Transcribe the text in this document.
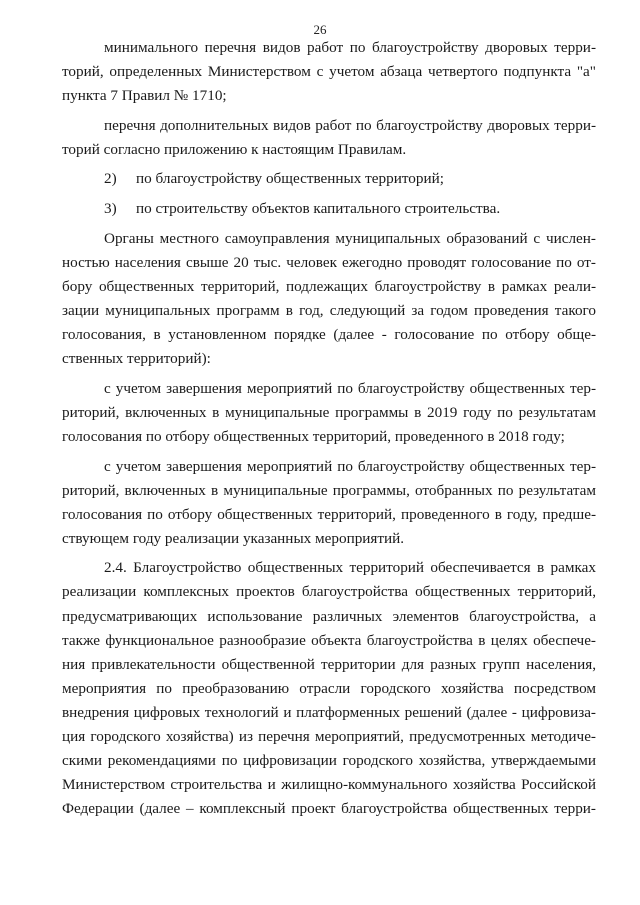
26
минимального перечня видов работ по благоустройству дворовых терри-
торий, определенных Министерством с учетом абзаца четвертого подпункта "а"
пункта 7 Правил № 1710;
перечня дополнительных видов работ по благоустройству дворовых терри-
торий согласно приложению к настоящим Правилам.
2) по благоустройству общественных территорий;
3) по строительству объектов капитального строительства.
Органы местного самоуправления муниципальных образований с числен-
ностью населения свыше 20 тыс. человек ежегодно проводят голосование по от-
бору общественных территорий, подлежащих благоустройству в рамках реали-
зации муниципальных программ в год, следующий за годом проведения такого
голосования, в установленном порядке (далее - голосование по отбору обще-
ственных территорий):
с учетом завершения мероприятий по благоустройству общественных тер-
риторий, включенных в муниципальные программы в 2019 году по результатам
голосования по отбору общественных территорий, проведенного в 2018 году;
с учетом завершения мероприятий по благоустройству общественных тер-
риторий, включенных в муниципальные программы, отобранных по результатам
голосования по отбору общественных территорий, проведенного в году, предше-
ствующем году реализации указанных мероприятий.
2.4. Благоустройство общественных территорий обеспечивается в рамках
реализации комплексных проектов благоустройства общественных территорий,
предусматривающих использование различных элементов благоустройства, а
также функциональное разнообразие объекта благоустройства в целях обеспече-
ния привлекательности общественной территории для разных групп населения,
мероприятия по преобразованию отрасли городского хозяйства посредством
внедрения цифровых технологий и платформенных решений (далее - цифровиза-
ция городского хозяйства) из перечня мероприятий, предусмотренных методиче-
скими рекомендациями по цифровизации городского хозяйства, утверждаемыми
Министерством строительства и жилищно-коммунального хозяйства Российской
Федерации (далее – комплексный проект благоустройства общественных терри-
